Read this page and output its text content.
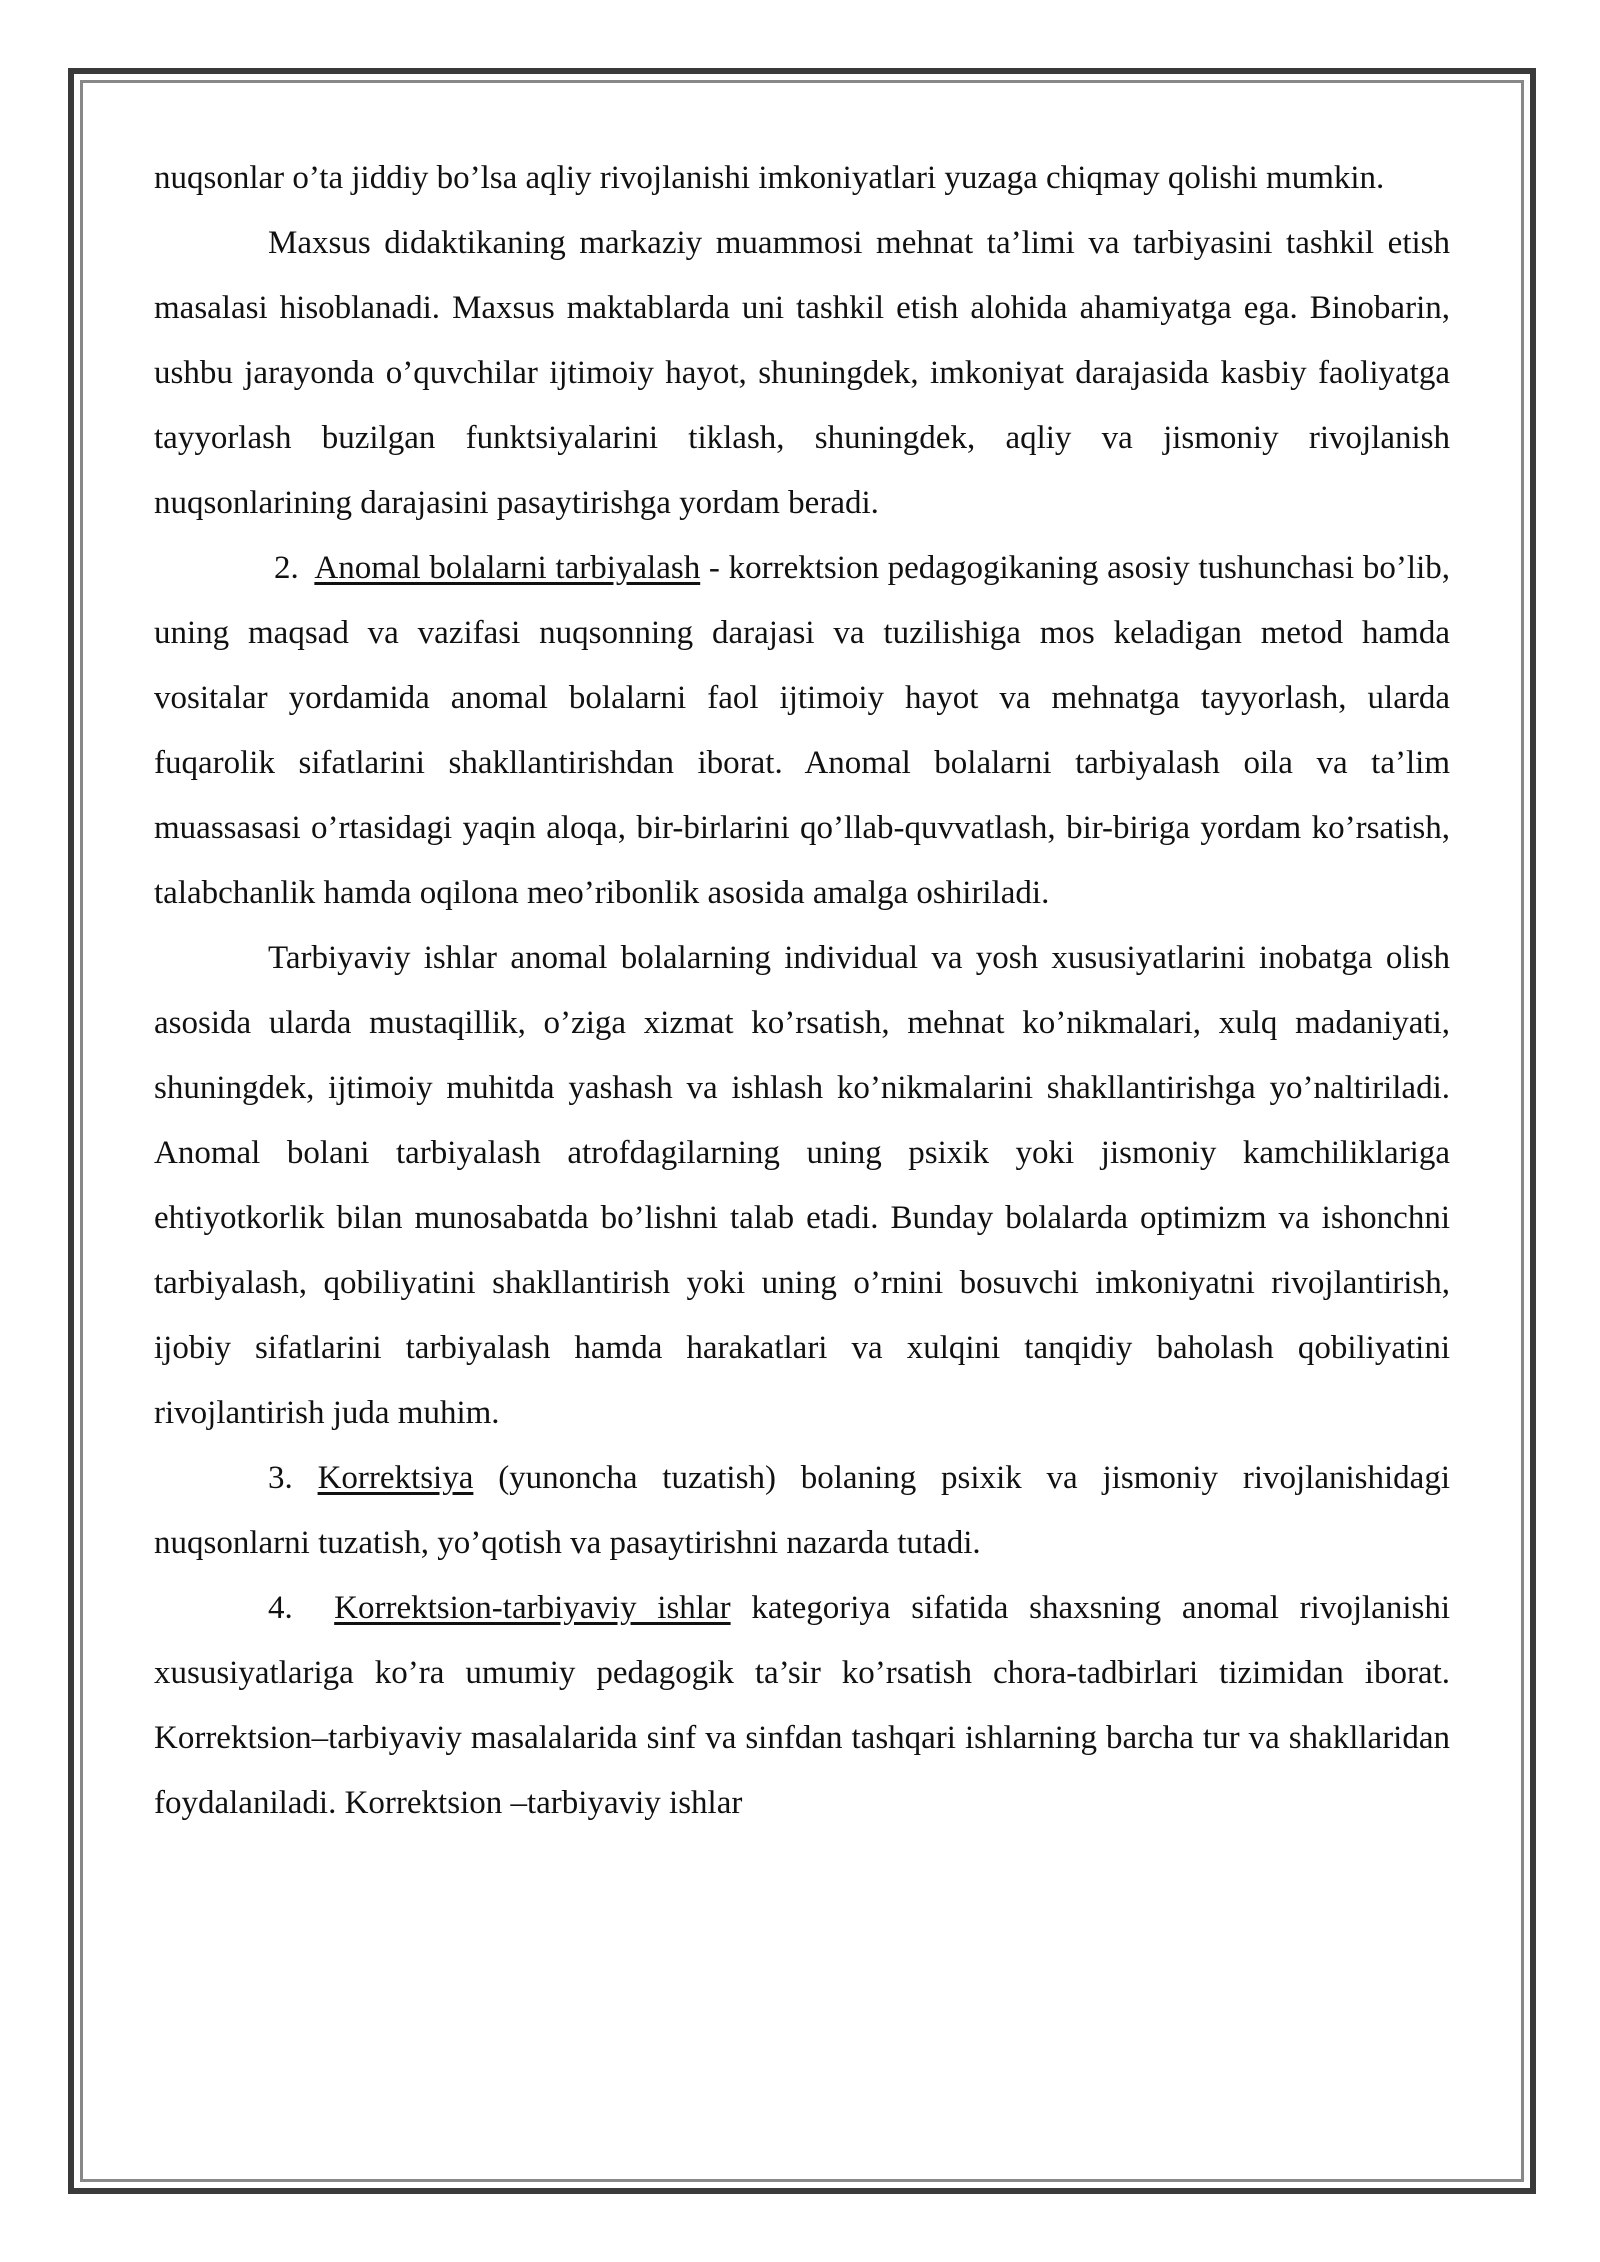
nuqsonlar o’ta jiddiy bo’lsa aqliy rivojlanishi imkoniyatlari yuzaga chiqmay qolishi mumkin.

Maxsus didaktikaning markaziy muammosi mehnat ta’limi va tarbiyasini tashkil etish masalasi hisoblanadi. Maxsus maktablarda uni tashkil etish alohida ahamiyatga ega. Binobarin, ushbu jarayonda o’quvchilar ijtimoiy hayot, shuningdek, imkoniyat darajasida kasbiy faoliyatga tayyorlash buzilgan funktsiyalarini tiklash, shuningdek, aqliy va jismoniy rivojlanish nuqsonlarining darajasini pasaytirishga yordam beradi.

2. Anomal bolalarni tarbiyalash - korrektsion pedagogikaning asosiy tushunchasi bo’lib, uning maqsad va vazifasi nuqsonning darajasi va tuzilishiga mos keladigan metod hamda vositalar yordamida anomal bolalarni faol ijtimoiy hayot va mehnatga tayyorlash, ularda fuqarolik sifatlarini shakllantirishdan iborat. Anomal bolalarni tarbiyalash oila va ta’lim muassasasi o’rtasidagi yaqin aloqa, bir-birlarini qo’llab-quvvatlash, bir-biriga yordam ko’rsatish, talabchanlik hamda oqilona meo’ribonlik asosida amalga oshiriladi.

Tarbiyaviy ishlar anomal bolalarning individual va yosh xususiyatlarini inobatga olish asosida ularda mustaqillik, o’ziga xizmat ko’rsatish, mehnat ko’nikmalari, xulq madaniyati, shuningdek, ijtimoiy muhitda yashash va ishlash ko’nikmalarini shakllantirishga yo’naltiriladi. Anomal bolani tarbiyalash atrofdagilarning uning psixik yoki jismoniy kamchiliklariga ehtiyotkorlik bilan munosabatda bo’lishni talab etadi. Bunday bolalarda optimizm va ishonchni tarbiyalash, qobiliyatini shakllantirish yoki uning o’rnini bosuvchi imkoniyatni rivojlantirish, ijobiy sifatlarini tarbiyalash hamda harakatlari va xulqini tanqidiy baholash qobiliyatini rivojlantirish juda muhim.

3. Korrektsiya (yunoncha tuzatish) bolaning psixik va jismoniy rivojlanishidagi nuqsonlarni tuzatish, yo’qotish va pasaytirishni nazarda tutadi.

4. Korrektsion-tarbiyaviy ishlar kategoriya sifatida shaxsning anomal rivojlanishi xususiyatlariga ko’ra umumiy pedagogik ta’sir ko’rsatish chora-tadbirlari tizimidan iborat. Korrektsion–tarbiyaviy masalalarida sinf va sinfdan tashqari ishlarning barcha tur va shakllaridan foydalaniladi. Korrektsion –tarbiyaviy ishlar
